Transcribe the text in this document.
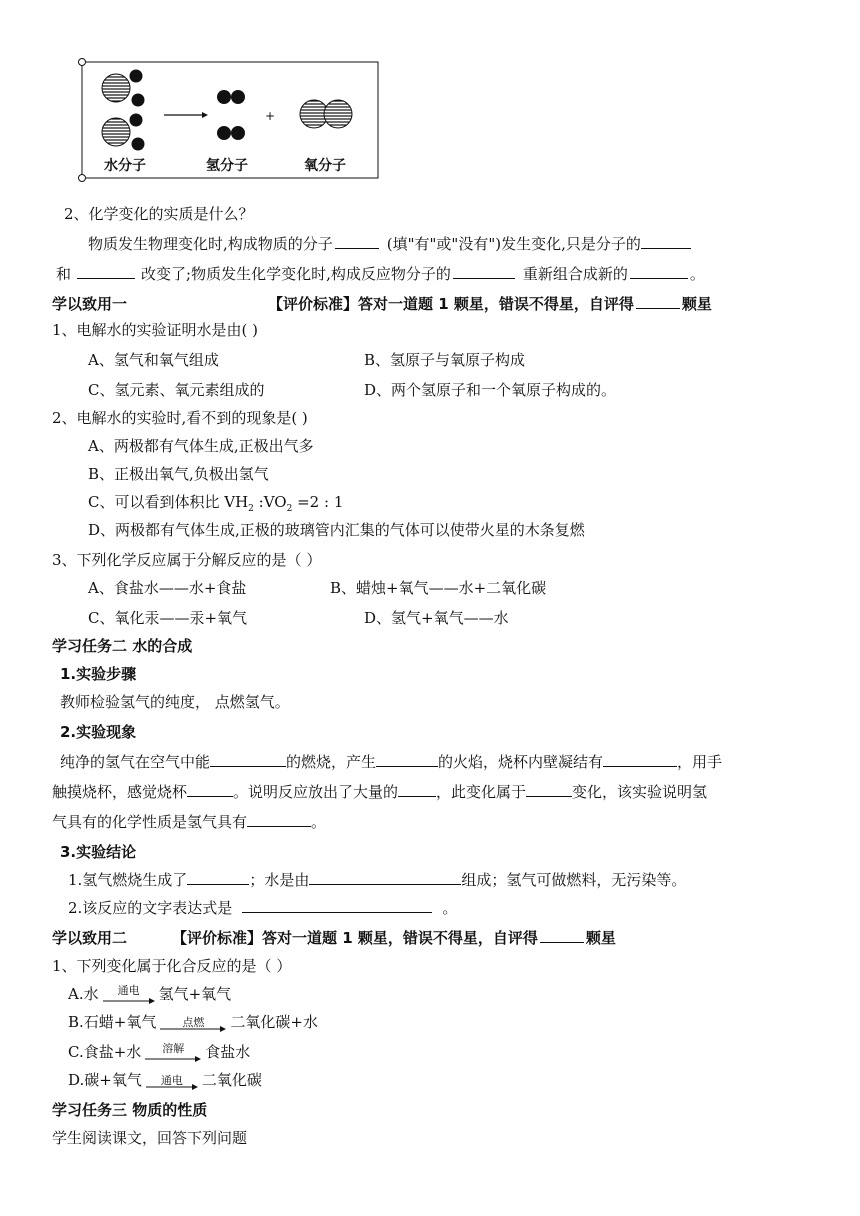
+
水分子	氢分子	氧分子
2、化学变化的实质是什么？
物质发生物理变化时,构成物质的分子	(填"有"或"没有")发生变化,只是分子的
和	改变了;物质发生化学变化时,构成反应物分子的	重新组合成新的	。
学以致用一	【评价标准】答对一道题 1 颗星，错误不得星，自评得	颗星
1、电解水的实验证明水是由( )
A、氢气和氧气组成	B、氢原子与氧原子构成
C、氢元素、氧元素组成的	D、两个氢原子和一个氧原子构成的。
2、电解水的实验时,看不到的现象是( )
A、两极都有气体生成,正极出气多
B、正极出氧气,负极出氢气
C、可以看到体积比 $VH_2$ $:VO_2 =2$ : 1
D、两极都有气体生成,正极的玻璃管内汇集的气体可以使带火星的木条复燃
3、下列化学反应属于分解反应的是（ ）
A、食盐水——水+食盐	B、蜡烛+氧气——水+二氧化碳
C、氧化汞——汞+氧气	D、氢气+氧气——水
学习任务二 水的合成
1.实验步骤
教师检验氢气的纯度， 点燃氢气。
2.实验现象
纯净的氢气在空气中能	的燃烧，产生	的火焰，烧杯内壁凝结有	，用手
触摸烧杯，感觉烧杯	。说明反应放出了大量的	，此变化属于	变化，该实验说明氢
气具有的化学性质是氢气具有	。
3.实验结论
1.氢气燃烧生成了	；水是由	组成；氢气可做燃料，无污染等。
2.该反应的文字表达式是	。
学以致用二	【评价标准】答对一道题 1 颗星，错误不得星，自评得	颗星
1、下列变化属于化合反应的是（ ）
A.水	通电	氢气+氧气
B.石蜡+氧气	点燃	二氧化碳+水
C.食盐+水	溶解	食盐水
D.碳+氧气	通电	二氧化碳
学习任务三 物质的性质
学生阅读课文，回答下列问题
